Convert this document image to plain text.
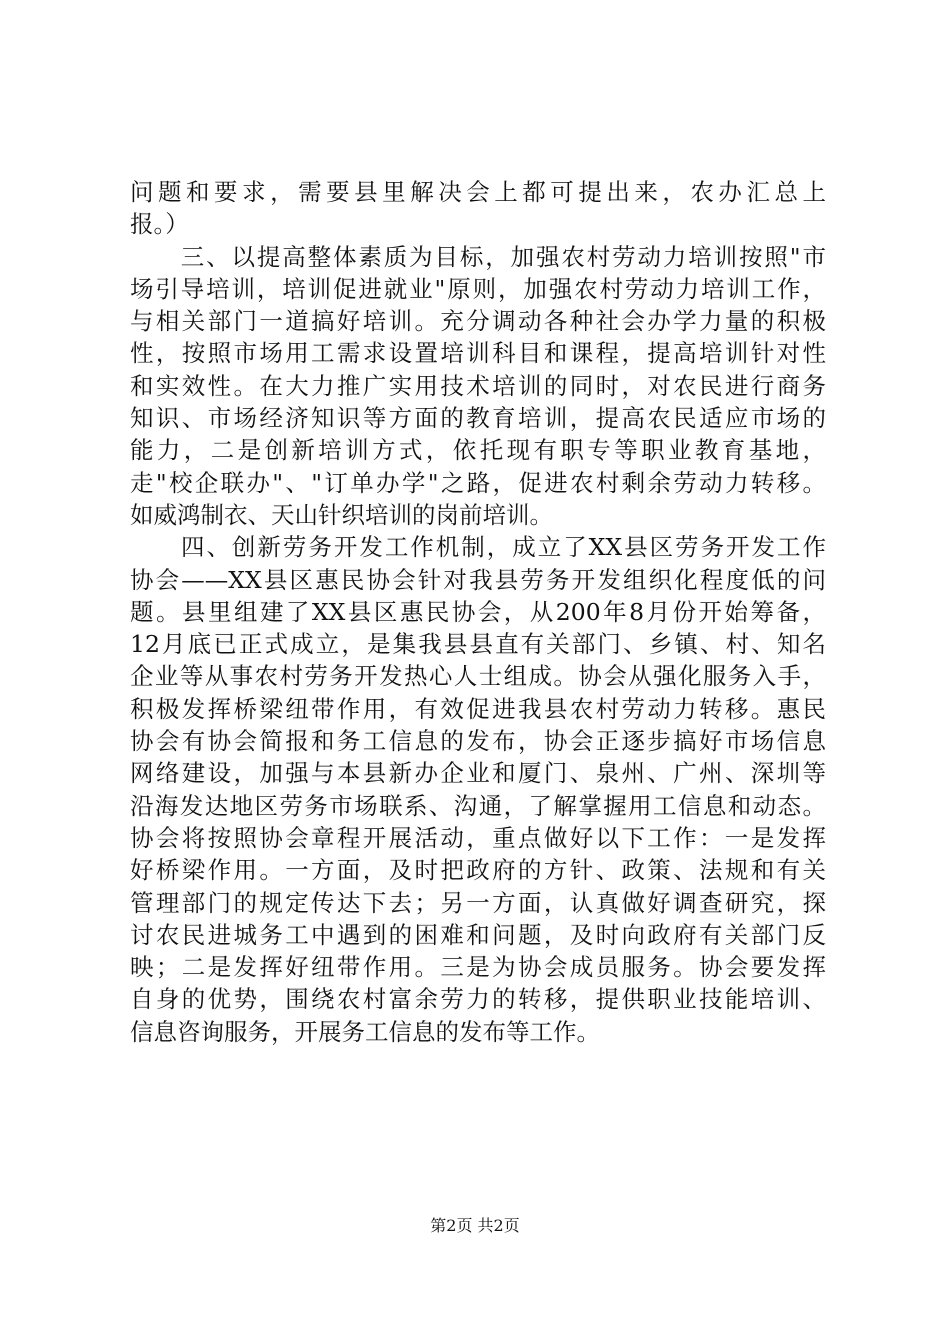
问题和要求，需要县里解决会上都可提出来，农办汇总上
报。）
　　三、以提高整体素质为目标，加强农村劳动力培训按照"市
场引导培训，培训促进就业"原则，加强农村劳动力培训工作，
与相关部门一道搞好培训。充分调动各种社会办学力量的积极
性，按照市场用工需求设置培训科目和课程，提高培训针对性
和实效性。在大力推广实用技术培训的同时，对农民进行商务
知识、市场经济知识等方面的教育培训，提高农民适应市场的
能力，二是创新培训方式，依托现有职专等职业教育基地，
走"校企联办"、"订单办学"之路，促进农村剩余劳动力转移。
如威鸿制衣、天山针织培训的岗前培训。
　　四、创新劳务开发工作机制，成立了XX县区劳务开发工作
协会——XX县区惠民协会针对我县劳务开发组织化程度低的问
题。县里组建了XX县区惠民协会，从200年8月份开始筹备，
12月底已正式成立，是集我县县直有关部门、乡镇、村、知名
企业等从事农村劳务开发热心人士组成。协会从强化服务入手，
积极发挥桥梁纽带作用，有效促进我县农村劳动力转移。惠民
协会有协会简报和务工信息的发布，协会正逐步搞好市场信息
网络建设，加强与本县新办企业和厦门、泉州、广州、深圳等
沿海发达地区劳务市场联系、沟通，了解掌握用工信息和动态。
协会将按照协会章程开展活动，重点做好以下工作：一是发挥
好桥梁作用。一方面，及时把政府的方针、政策、法规和有关
管理部门的规定传达下去；另一方面，认真做好调查研究，探
讨农民进城务工中遇到的困难和问题，及时向政府有关部门反
映；二是发挥好纽带作用。三是为协会成员服务。协会要发挥
自身的优势，围绕农村富余劳力的转移，提供职业技能培训、
信息咨询服务，开展务工信息的发布等工作。
第2页 共2页
